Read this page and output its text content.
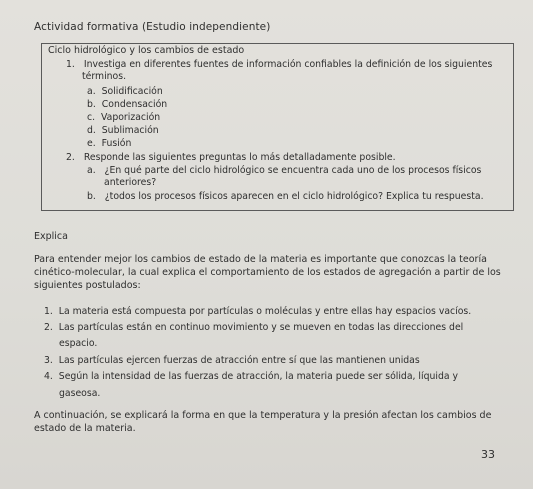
Actividad formativa (Estudio independiente)
Ciclo hidrológico y los cambios de estado
1. Investiga en diferentes fuentes de información confiables la definición de los siguientes
términos.
a. Solidificación
b. Condensación
c. Vaporización
d. Sublimación
e. Fusión
2. Responde las siguientes preguntas lo más detalladamente posible.
a. ¿En qué parte del ciclo hidrológico se encuentra cada uno de los procesos físicos
anteriores?
b. ¿todos los procesos físicos aparecen en el ciclo hidrológico? Explica tu respuesta.
Explica
Para entender mejor los cambios de estado de la materia es importante que conozcas la teoría
cinético-molecular, la cual explica el comportamiento de los estados de agregación a partir de los
siguientes postulados:
1. La materia está compuesta por partículas o moléculas y entre ellas hay espacios vacíos.
2. Las partículas están en continuo movimiento y se mueven en todas las direcciones del
espacio.
3. Las partículas ejercen fuerzas de atracción entre sí que las mantienen unidas
4. Según la intensidad de las fuerzas de atracción, la materia puede ser sólida, líquida y
gaseosa.
A continuación, se explicará la forma en que la temperatura y la presión afectan los cambios de
estado de la materia.
33
